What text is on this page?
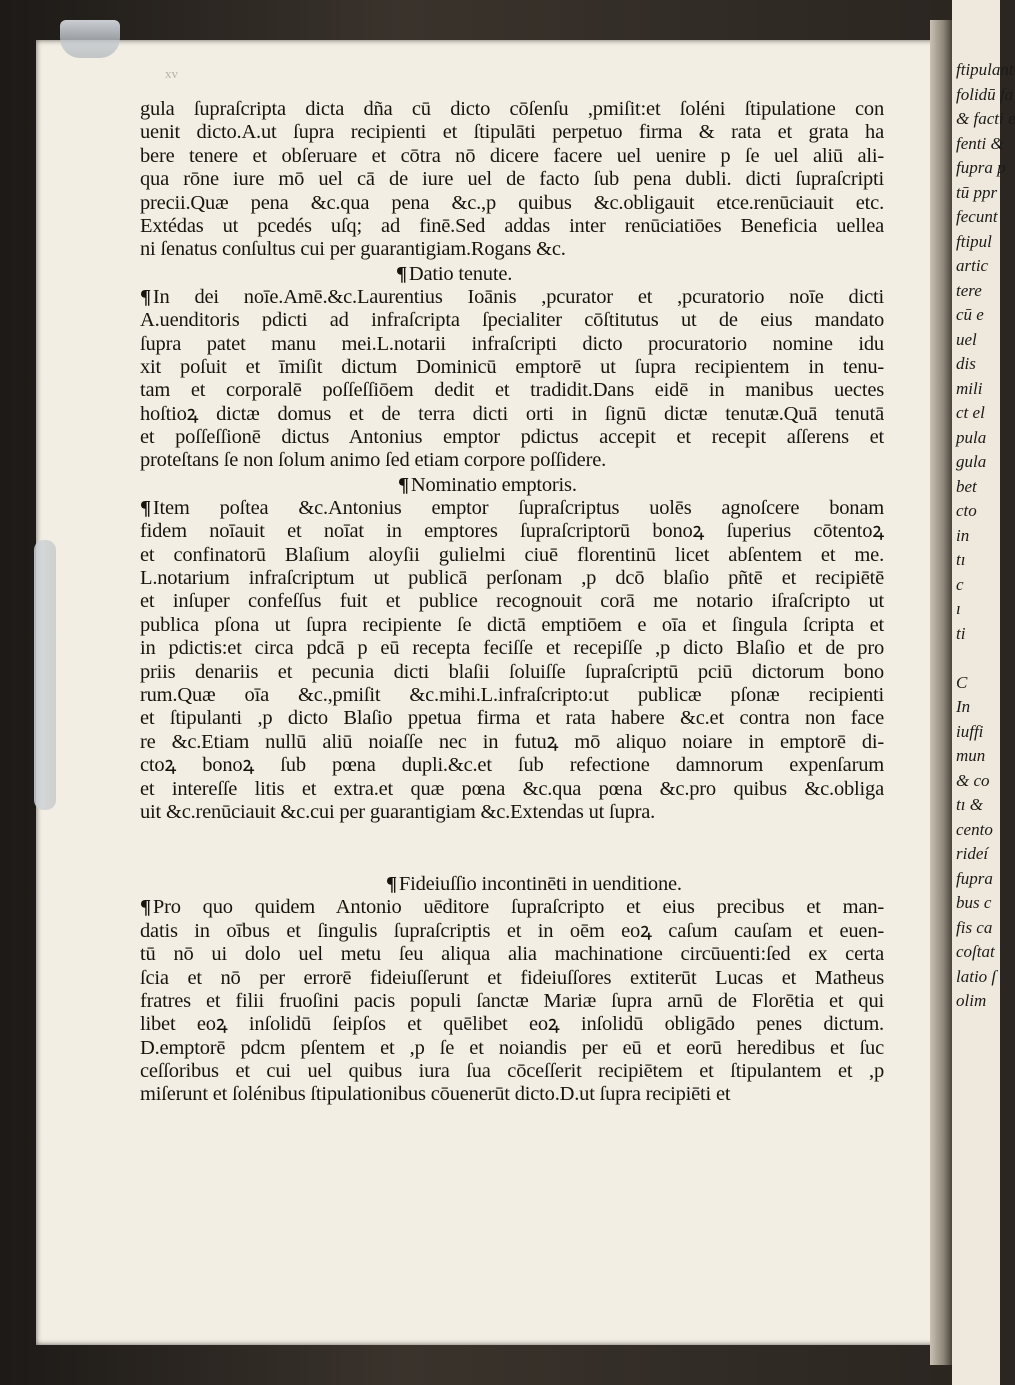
ftipulant
folidū fa
& facti e
fenti &
fupra p
tū ppr
fecunt
ftipul
artic
tere
cū e
uel
dis
mili
ct el
pula
gula
bet
cto
in
tı
c
ı
ti
C
In
iuffi
mun
& co
tı &
cento
rideí
fupra
bus c
fis ca
coſtat
latio ſ
olim
xv
gula ſupraſcripta dicta dña cū dicto cōſenſu ,pmiſit:et ſoléni ſtipulatione con
uenit dicto.A.ut ſupra recipienti et ſtipulāti perpetuo firma & rata et grata ha
bere tenere et obſeruare et cōtra nō dicere facere uel uenire p ſe uel aliū ali-
qua rōne iure mō uel cā de iure uel de facto ſub pena dubli. dicti ſupraſcripti
precii.Quæ pena &c.qua pena &c.,p quibus &c.obligauit etce.renūciauit etc.
Extédas ut pcedés uſq; ad finē.Sed addas inter renūciatiōes Beneficia uellea
ni ſenatus conſultus cui per guarantigiam.Rogans &c.
¶Datio tenute.
¶In dei noīe.Amē.&c.Laurentius Ioānis ,pcurator et ,pcuratorio noīe dicti
A.uenditoris pdicti ad infraſcripta ſpecialiter cōſtitutus ut de eius mandato
ſupra patet manu mei.L.notarii infraſcripti dicto procuratorio nomine idu
xit poſuit et īmiſit dictum Dominicū emptorē ut ſupra recipientem in tenu-
tam et corporalē poſſeſſiōem dedit et tradidit.Dans eidē in manibus uectes
hoſtioꝝ dictæ domus et de terra dicti orti in ſignū dictæ tenutæ.Quā tenutā
et poſſeſſionē dictus Antonius emptor pdictus accepit et recepit aſſerens et
proteſtans ſe non ſolum animo ſed etiam corpore poſſidere.
¶Nominatio emptoris.
¶Item poſtea &c.Antonius emptor ſupraſcriptus uolēs agnoſcere bonam
fidem noīauit et noīat in emptores ſupraſcriptorū bonoꝝ ſuperius cōtentoꝝ
et confinatorū Blaſium aloyſii gulielmi ciuē florentinū licet abſentem et me.
L.notarium infraſcriptum ut publicā perſonam ,p dcō blaſio pñtē et recipiētē
et inſuper confeſſus fuit et publice recognouit corā me notario iſraſcripto ut
publica pſona ut ſupra recipiente ſe dictā emptiōem e oīa et ſingula ſcripta et
in pdictis:et circa pdcā p eū recepta feciſſe et recepiſſe ,p dicto Blaſio et de pro
priis denariis et pecunia dicti blaſii ſoluiſſe ſupraſcriptū pciū dictorum bono
rum.Quæ oīa &c.,pmiſit &c.mihi.L.infraſcripto:ut publicæ pſonæ recipienti
et ſtipulanti ,p dicto Blaſio ppetua firma et rata habere &c.et contra non face
re &c.Etiam nullū aliū noiaſſe nec in futuꝝ mō aliquo noiare in emptorē di-
ctoꝝ bonoꝝ ſub pœna dupli.&c.et ſub refectione damnorum expenſarum
et intereſſe litis et extra.et quæ pœna &c.qua pœna &c.pro quibus &c.obliga
uit &c.renūciauit &c.cui per guarantigiam &c.Extendas ut ſupra.
¶Fideiuſſio incontinēti in uenditione.
¶Pro quo quidem Antonio uēditore ſupraſcripto et eius precibus et man-
datis in oībus et ſingulis ſupraſcriptis et in oēm eoꝝ caſum cauſam et euen-
tū nō ui dolo uel metu ſeu aliqua alia machinatione circūuenti:ſed ex certa
ſcia et nō per errorē fideiuſſerunt et fideiuſſores extiterūt Lucas et Matheus
fratres et filii fruoſini pacis populi ſanctæ Mariæ ſupra arnū de Florētia et qui
libet eoꝝ inſolidū ſeipſos et quēlibet eoꝝ inſolidū obligādo penes dictum.
D.emptorē pdcm pſentem et ,p ſe et noiandis per eū et eorū heredibus et ſuc
ceſſoribus et cui uel quibus iura ſua cōceſſerit recipiētem et ſtipulantem et ,p
miſerunt et ſolénibus ſtipulationibus cōuenerūt dicto.D.ut ſupra recipiēti et
